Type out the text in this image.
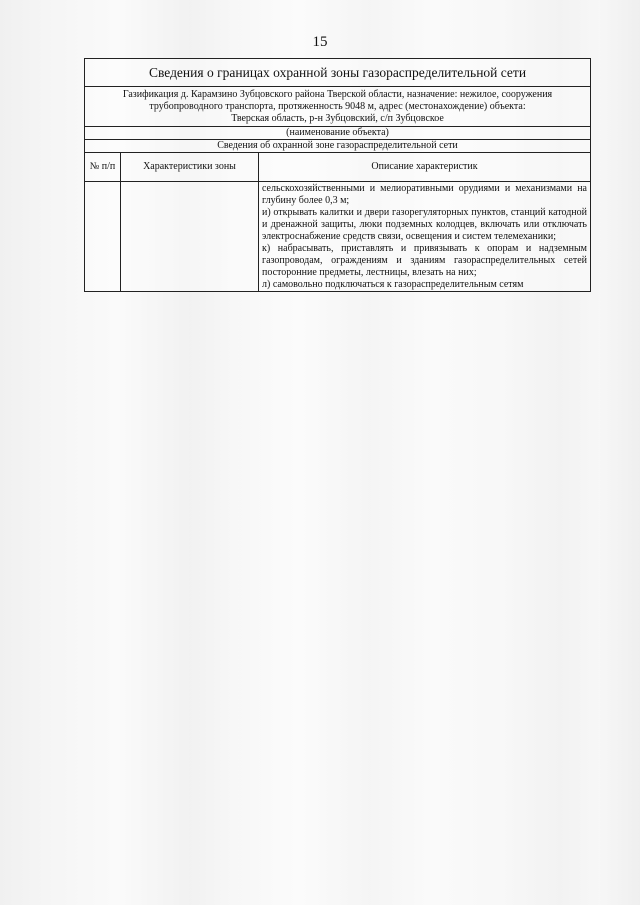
15
Сведения о границах охранной зоны газораспределительной сети		

Газификация д. Карамзино Зубцовского района Тверской области, назначение: нежилое, сооружения
трубопроводного транспорта, протяженность 9048 м, адрес (местонахождение) объекта:
Тверская область, р-н Зубцовский, с/п Зубцовское		

(наименование объекта)		
Сведения об охранной зоне газораспределительной сети		
№ п/п	Характеристики зоны	Описание характеристик

		сельскохозяйственными и мелиоративными орудиями и механизмами на глубину более 0,3 м;
и) открывать калитки и двери газорегуляторных пунктов, станций катодной и дренажной защиты, люки подземных колодцев, включать или отключать электроснабжение средств связи, освещения и систем телемеханики;
к) набрасывать, приставлять и привязывать к опорам и надземным газопроводам, ограждениям и зданиям газораспределительных сетей посторонние предметы, лестницы, влезать на них;
л) самовольно подключаться к газораспределительным сетям
